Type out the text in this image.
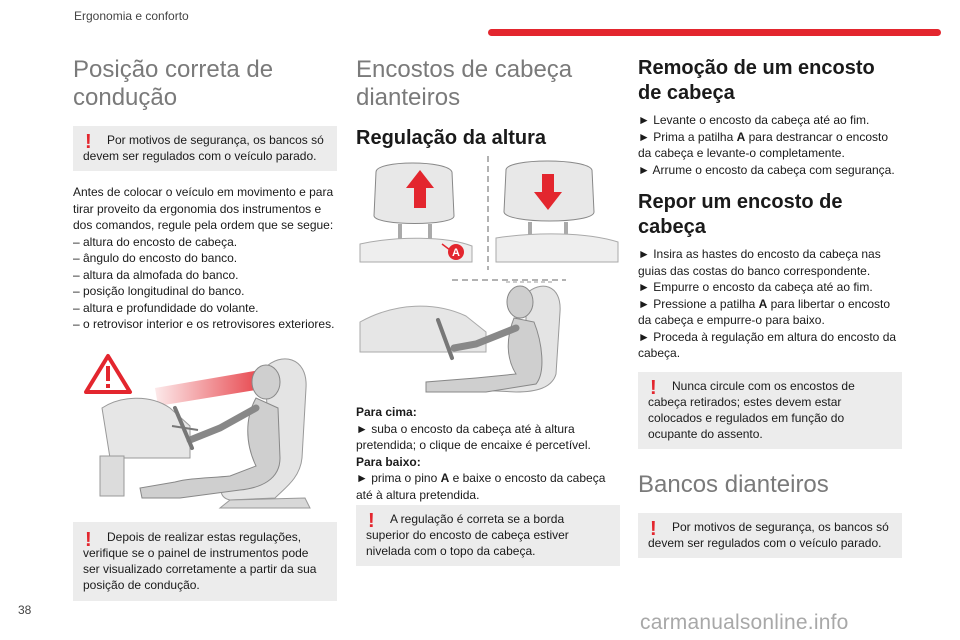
Ergonomia e conforto
Posição correta de condução
!	Por motivos de segurança, os bancos só devem ser regulados com o veículo parado.

Antes de colocar o veículo em movimento e para tirar proveito da ergonomia dos instrumentos e dos comandos, regule pela ordem que se segue:

– altura do encosto de cabeça.
– ângulo do encosto do banco.
– altura da almofada do banco.
– posição longitudinal do banco.
– altura e profundidade do volante.
– o retrovisor interior e os retrovisores exteriores.
!	Depois de realizar estas regulações, verifique se o painel de instrumentos pode ser visualizado corretamente a partir da sua posição de condução.
Encostos de cabeça dianteiros
Regulação da altura
A
Para cima:
► suba o encosto da cabeça até à altura pretendida; o clique de encaixe é percetível.
Para baixo:
► prima o pino A e baixe o encosto da cabeça até à altura pretendida.
!	A regulação é correta se a borda superior do encosto de cabeça estiver nivelada com o topo da cabeça.
Remoção de um encosto de cabeça
► Levante o encosto da cabeça até ao fim.
► Prima a patilha A para destrancar o encosto da cabeça e levante-o completamente.
► Arrume o encosto da cabeça com segurança.
Repor um encosto de cabeça
► Insira as hastes do encosto da cabeça nas guias das costas do banco correspondente.
► Empurre o encosto da cabeça até ao fim.
► Pressione a patilha A para libertar o encosto da cabeça e empurre-o para baixo.
► Proceda à regulação em altura do encosto da cabeça.
!	Nunca circule com os encostos de cabeça retirados; estes devem estar colocados e regulados em função do ocupante do assento.
Bancos dianteiros
!	Por motivos de segurança, os bancos só devem ser regulados com o veículo parado.
38
carmanualsonline.info
